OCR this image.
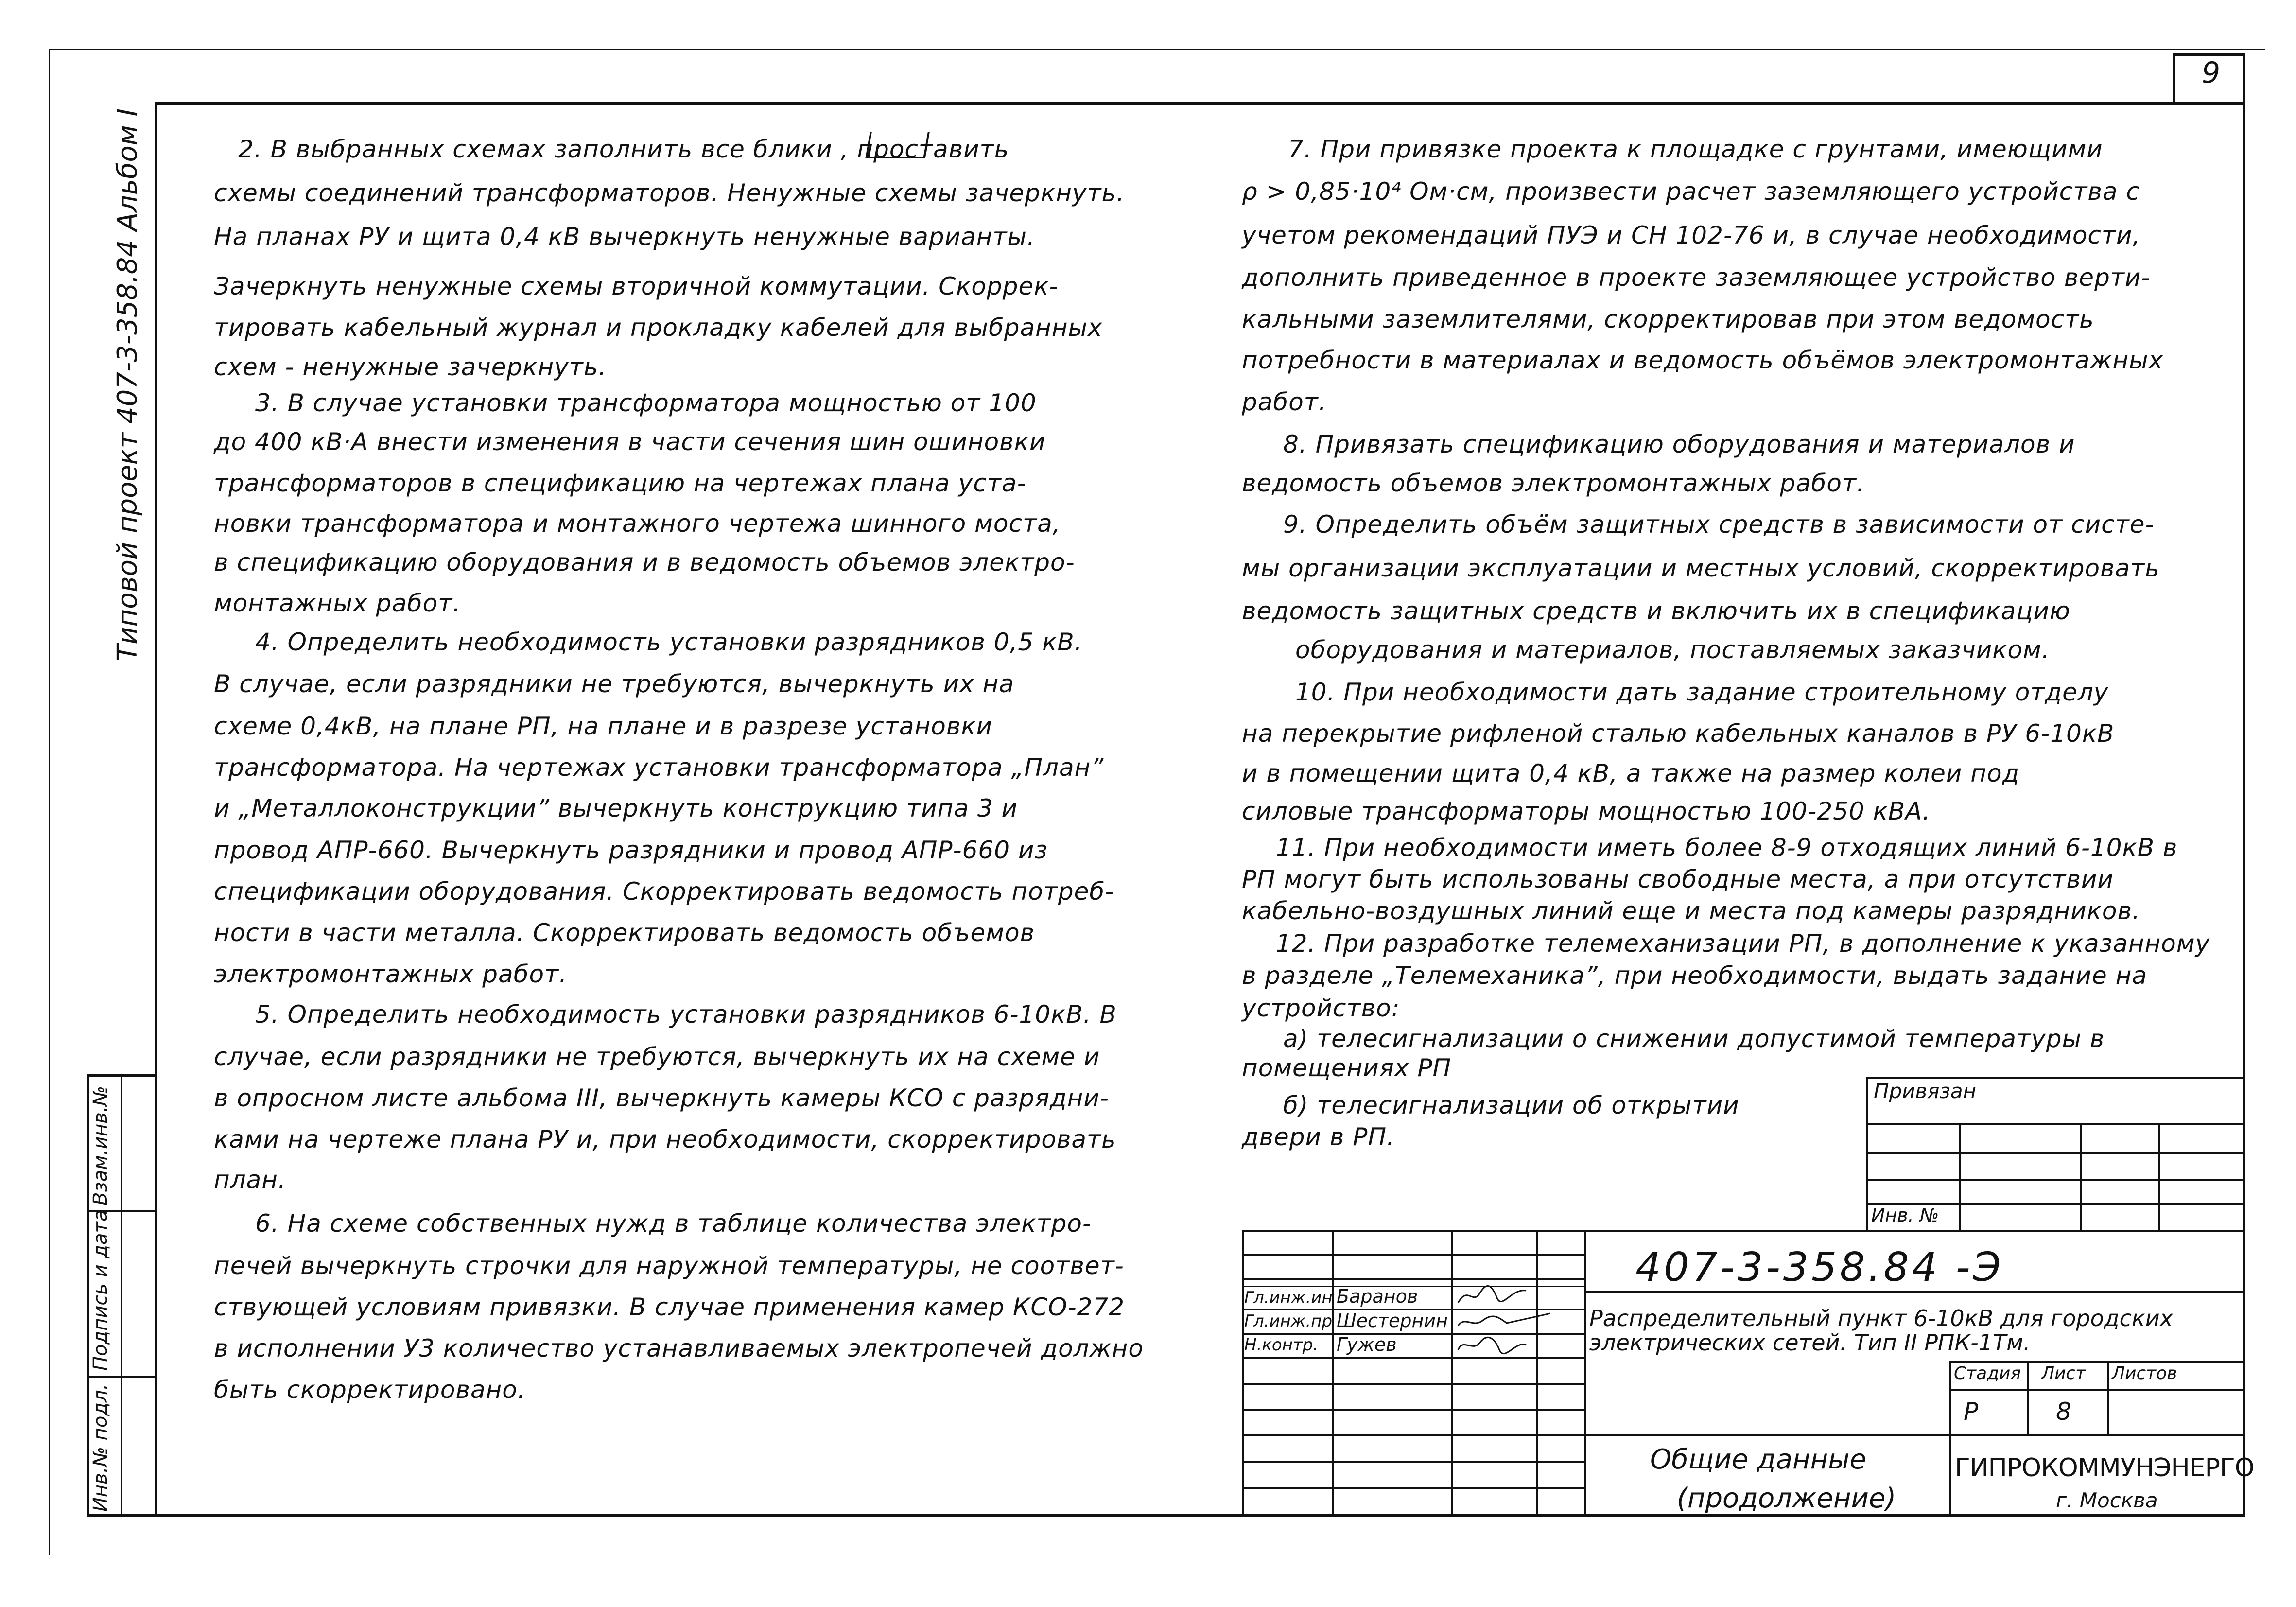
9
Типовой проект 407-3-358.84 Альбом I
Взам.инв.№
Подпись и дата
Инв.№ подл.
2. В выбранных схемах заполнить все блики , проставить
схемы соединений трансформаторов. Ненужные схемы зачеркнуть.
На планах РУ и щита 0,4 кВ вычеркнуть ненужные варианты.
Зачеркнуть ненужные схемы вторичной коммутации. Скоррек-
тировать кабельный журнал и прокладку кабелей для выбранных
схем - ненужные зачеркнуть.
3. В случае установки трансформатора мощностью от 100
до 400 кВ·А внести изменения в части сечения шин ошиновки
трансформаторов в спецификацию на чертежах плана уста-
новки трансформатора и монтажного чертежа шинного моста,
в спецификацию оборудования и в ведомость объемов электро-
монтажных работ.
4. Определить необходимость установки разрядников 0,5 кВ.
В случае, если разрядники не требуются, вычеркнуть их на
схеме 0,4кВ, на плане РП, на плане и в разрезе установки
трансформатора. На чертежах установки трансформатора „План”
и „Металлоконструкции” вычеркнуть конструкцию типа 3 и
провод АПР-660. Вычеркнуть разрядники и провод АПР-660 из
спецификации оборудования. Скорректировать ведомость потреб-
ности в части металла. Скорректировать ведомость объемов
электромонтажных работ.
5. Определить необходимость установки разрядников 6-10кВ. В
случае, если разрядники не требуются, вычеркнуть их на схеме и
в опросном листе альбома III, вычеркнуть камеры КСО с разрядни-
ками на чертеже плана РУ и, при необходимости, скорректировать
план.
6. На схеме собственных нужд в таблице количества электро-
печей вычеркнуть строчки для наружной температуры, не соответ-
ствующей условиям привязки. В случае применения камер КСО-272
в исполнении У3 количество устанавливаемых электропечей должно
быть скорректировано.
7. При привязке проекта к площадке с грунтами, имеющими
ρ > 0,85·10⁴ Ом·см, произвести расчет заземляющего устройства с
учетом рекомендаций ПУЭ и СН 102-76 и, в случае необходимости,
дополнить приведенное в проекте заземляющее устройство верти-
кальными заземлителями, скорректировав при этом ведомость
потребности в материалах и ведомость объёмов электромонтажных
работ.
8. Привязать спецификацию оборудования и материалов и
ведомость объемов электромонтажных работ.
9. Определить объём защитных средств в зависимости от систе-
мы организации эксплуатации и местных условий, скорректировать
ведомость защитных средств и включить их в спецификацию
оборудования и материалов, поставляемых заказчиком.
10. При необходимости дать задание строительному отделу
на перекрытие рифленой сталью кабельных каналов в РУ 6-10кВ
и в помещении щита 0,4 кВ, а также на размер колеи под
силовые трансформаторы мощностью 100-250 кВА.
11. При необходимости иметь более 8-9 отходящих линий 6-10кВ в
РП могут быть использованы свободные места, а при отсутствии
кабельно-воздушных линий еще и места под камеры разрядников.
12. При разработке телемеханизации РП, в дополнение к указанному
в разделе „Телемеханика”, при необходимости, выдать задание на
устройство:
а) телесигнализации о снижении допустимой температуры в
помещениях РП
б) телесигнализации об открытии
двери в РП.
Привязан
Инв. №
407-3-358.84 -Э
Гл.инж.ин
Гл.инж.пр
Н.контр.
Баранов
Шестернин
Гужев
Распределительный пункт 6-10кВ для городских
электрических сетей. Тип II РПК-1Тм.
Стадия Лист Листов
Р	8
Общие данные
(продолжение)
ГИПРОКОММУНЭНЕРГО
г. Москва
